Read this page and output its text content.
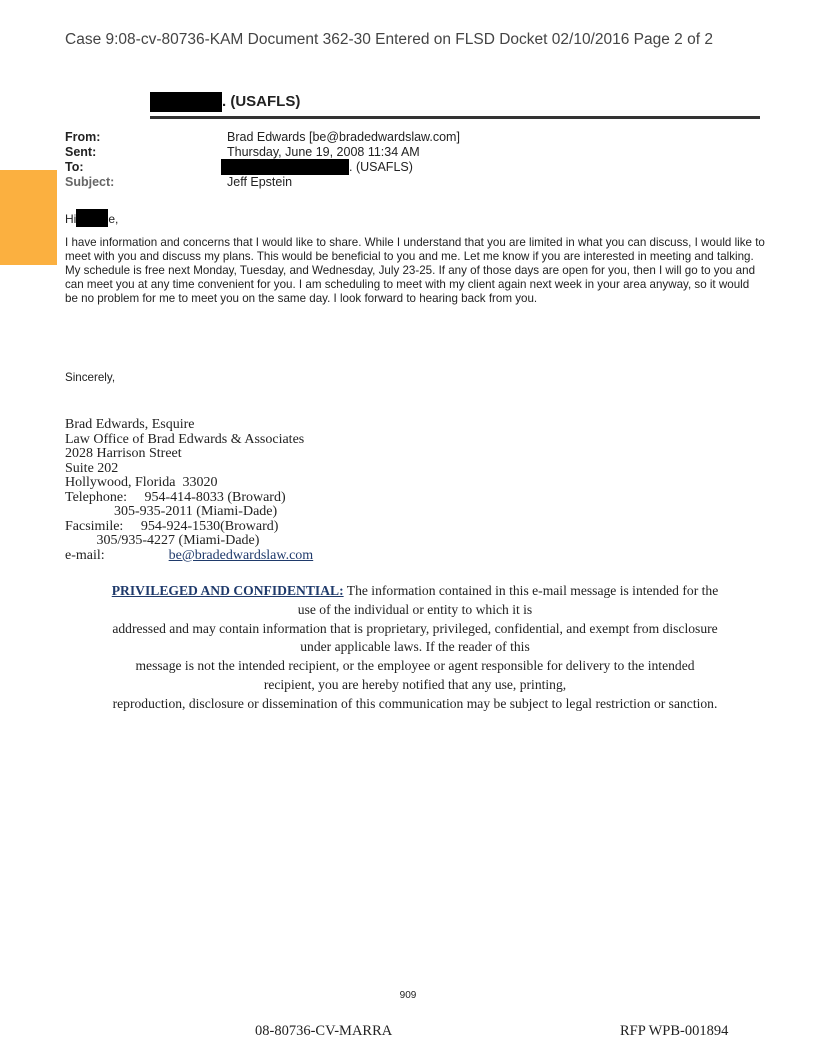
Case 9:08-cv-80736-KAM Document 362-30 Entered on FLSD Docket 02/10/2016 Page 2 of 2
. (USAFLS)
From:	Brad Edwards [be@bradedwardslaw.com]
Sent:	Thursday, June 19, 2008 11:34 AM
To:	. (USAFLS)
Subject:	Jeff Epstein
Hi	e,
I have information and concerns that I would like to share. While I understand that you are limited in what you can discuss, I would like to meet with you and discuss my plans. This would be beneficial to you and me. Let me know if you are interested in meeting and talking. My schedule is free next Monday, Tuesday, and Wednesday, July 23-25. If any of those days are open for you, then I will go to you and can meet you at any time convenient for you. I am scheduling to meet with my client again next week in your area anyway, so it would be no problem for me to meet you on the same day. I look forward to hearing back from you.
Sincerely,
Brad Edwards, Esquire
Law Office of Brad Edwards & Associates
2028 Harrison Street
Suite 202
Hollywood, Florida  33020
Telephone:     954-414-8033 (Broward)
305-935-2011 (Miami-Dade)
Facsimile:     954-924-1530(Broward)
305/935-4227 (Miami-Dade)
e-mail:	be@bradedwardslaw.com
PRIVILEGED AND CONFIDENTIAL: The information contained in this e-mail message is intended for the
use of the individual or entity to which it is
addressed and may contain information that is proprietary, privileged, confidential, and exempt from disclosure
under applicable laws. If the reader of this
message is not the intended recipient, or the employee or agent responsible for delivery to the intended
recipient, you are hereby notified that any use, printing,
reproduction, disclosure or dissemination of this communication may be subject to legal restriction or sanction.
909
08-80736-CV-MARRA	RFP WPB-001894
